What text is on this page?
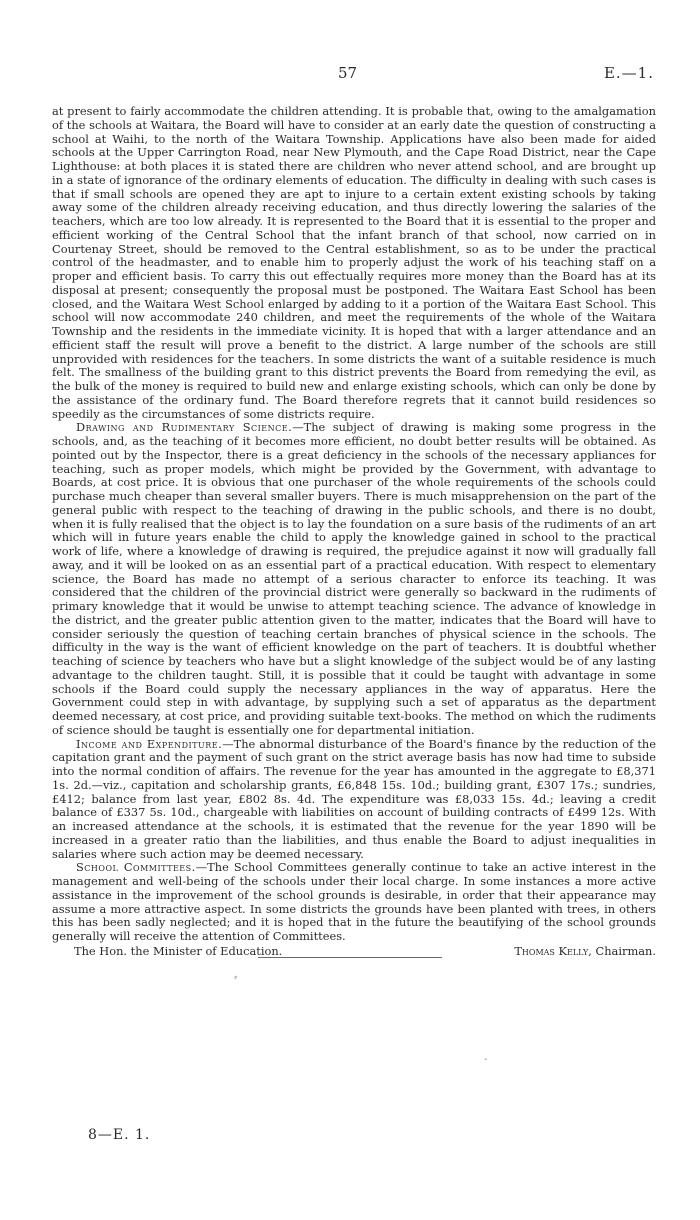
57	E.—1.

at present to fairly accommodate the children attending. It is probable that, owing to the amalgamation of the schools at Waitara, the Board will have to consider at an early date the question of constructing a school at Waihi, to the north of the Waitara Township. Applications have also been made for aided schools at the Upper Carrington Road, near New Plymouth, and the Cape Road District, near the Cape Lighthouse: at both places it is stated there are children who never attend school, and are brought up in a state of ignorance of the ordinary elements of education. The difficulty in dealing with such cases is that if small schools are opened they are apt to injure to a certain extent existing schools by taking away some of the children already receiving education, and thus directly lowering the salaries of the teachers, which are too low already. It is represented to the Board that it is essential to the proper and efficient working of the Central School that the infant branch of that school, now carried on in Courtenay Street, should be removed to the Central establishment, so as to be under the practical control of the headmaster, and to enable him to properly adjust the work of his teaching staff on a proper and efficient basis. To carry this out effectually requires more money than the Board has at its disposal at present; consequently the proposal must be postponed. The Waitara East School has been closed, and the Waitara West School enlarged by adding to it a portion of the Waitara East School. This school will now accommodate 240 children, and meet the requirements of the whole of the Waitara Township and the residents in the immediate vicinity. It is hoped that with a larger attendance and an efficient staff the result will prove a benefit to the district. A large number of the schools are still unprovided with residences for the teachers. In some districts the want of a suitable residence is much felt. The smallness of the building grant to this district prevents the Board from remedying the evil, as the bulk of the money is required to build new and enlarge existing schools, which can only be done by the assistance of the ordinary fund. The Board therefore regrets that it cannot build residences so speedily as the circumstances of some districts require.

Drawing and Rudimentary Science.—The subject of drawing is making some progress in the schools, and, as the teaching of it becomes more efficient, no doubt better results will be obtained. As pointed out by the Inspector, there is a great deficiency in the schools of the necessary appliances for teaching, such as proper models, which might be provided by the Government, with advantage to Boards, at cost price. It is obvious that one purchaser of the whole requirements of the schools could purchase much cheaper than several smaller buyers. There is much misapprehension on the part of the general public with respect to the teaching of drawing in the public schools, and there is no doubt, when it is fully realised that the object is to lay the foundation on a sure basis of the rudiments of an art which will in future years enable the child to apply the knowledge gained in school to the practical work of life, where a knowledge of drawing is required, the prejudice against it now will gradually fall away, and it will be looked on as an essential part of a practical education. With respect to elementary science, the Board has made no attempt of a serious character to enforce its teaching. It was considered that the children of the provincial district were generally so backward in the rudiments of primary knowledge that it would be unwise to attempt teaching science. The advance of knowledge in the district, and the greater public attention given to the matter, indicates that the Board will have to consider seriously the question of teaching certain branches of physical science in the schools. The difficulty in the way is the want of efficient knowledge on the part of teachers. It is doubtful whether teaching of science by teachers who have but a slight knowledge of the subject would be of any lasting advantage to the children taught. Still, it is possible that it could be taught with advantage in some schools if the Board could supply the necessary appliances in the way of apparatus. Here the Government could step in with advantage, by supplying such a set of apparatus as the department deemed necessary, at cost price, and providing suitable text-books. The method on which the rudiments of science should be taught is essentially one for departmental initiation.

Income and Expenditure.—The abnormal disturbance of the Board's finance by the reduction of the capitation grant and the payment of such grant on the strict average basis has now had time to subside into the normal condition of affairs. The revenue for the year has amounted in the aggregate to £8,371 1s. 2d.—viz., capitation and scholarship grants, £6,848 15s. 10d.; building grant, £307 17s.; sundries, £412; balance from last year, £802 8s. 4d. The expenditure was £8,033 15s. 4d.; leaving a credit balance of £337 5s. 10d., chargeable with liabilities on account of building contracts of £499 12s. With an increased attendance at the schools, it is estimated that the revenue for the year 1890 will be increased in a greater ratio than the liabilities, and thus enable the Board to adjust inequalities in salaries where such action may be deemed necessary.

School Committees.—The School Committees generally continue to take an active interest in the management and well-being of the schools under their local charge. In some instances a more active assistance in the improvement of the school grounds is desirable, in order that their appearance may assume a more attractive aspect. In some districts the grounds have been planted with trees, in others this has been sadly neglected; and it is hoped that in the future the beautifying of the school grounds generally will receive the attention of Committees.

The Hon. the Minister of Education.	Thomas Kelly, Chairman.
⸗
‐
8—E. 1.
